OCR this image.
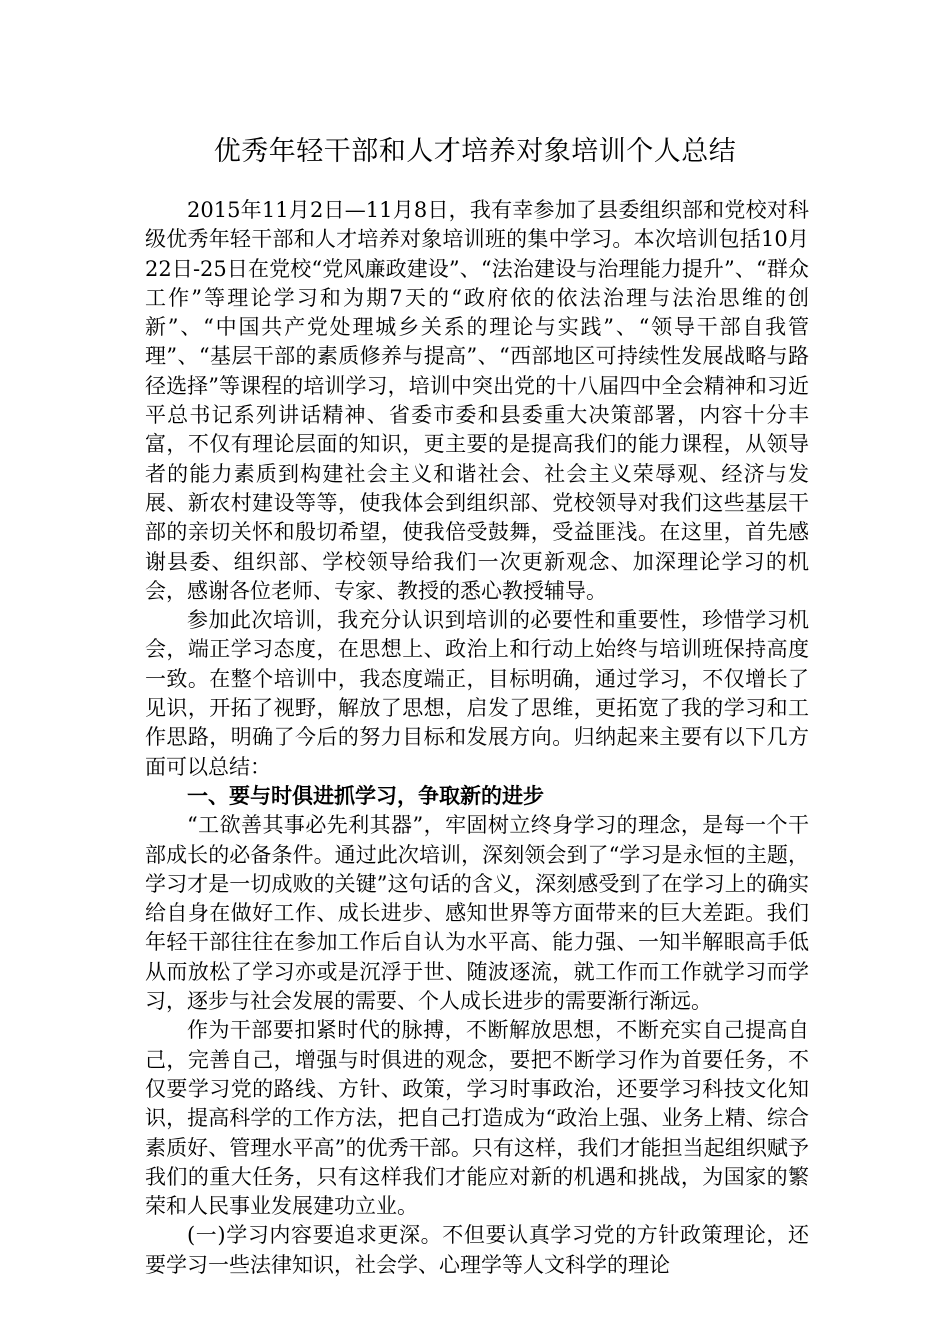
优秀年轻干部和人才培养对象培训个人总结

2015年11月2日—11月8日，我有幸参加了县委组织部和党校对科级优秀年轻干部和人才培养对象培训班的集中学习。本次培训包括10月22日-25日在党校“党风廉政建设”、“法治建设与治理能力提升”、“群众工作”等理论学习和为期7天的“政府依的依法治理与法治思维的创新”、“中国共产党处理城乡关系的理论与实践”、“领导干部自我管理”、“基层干部的素质修养与提高”、“西部地区可持续性发展战略与路径选择”等课程的培训学习，培训中突出党的十八届四中全会精神和习近平总书记系列讲话精神、省委市委和县委重大决策部署，内容十分丰富，不仅有理论层面的知识，更主要的是提高我们的能力课程，从领导者的能力素质到构建社会主义和谐社会、社会主义荣辱观、经济与发展、新农村建设等等，使我体会到组织部、党校领导对我们这些基层干部的亲切关怀和殷切希望，使我倍受鼓舞，受益匪浅。在这里，首先感谢县委、组织部、学校领导给我们一次更新观念、加深理论学习的机会，感谢各位老师、专家、教授的悉心教授辅导。

参加此次培训，我充分认识到培训的必要性和重要性，珍惜学习机会，端正学习态度，在思想上、政治上和行动上始终与培训班保持高度一致。在整个培训中，我态度端正，目标明确，通过学习，不仅增长了见识，开拓了视野，解放了思想，启发了思维，更拓宽了我的学习和工作思路，明确了今后的努力目标和发展方向。归纳起来主要有以下几方面可以总结：

一、要与时俱进抓学习，争取新的进步

“工欲善其事必先利其器”，牢固树立终身学习的理念，是每一个干部成长的必备条件。通过此次培训，深刻领会到了“学习是永恒的主题，学习才是一切成败的关键”这句话的含义，深刻感受到了在学习上的确实给自身在做好工作、成长进步、感知世界等方面带来的巨大差距。我们年轻干部往往在参加工作后自认为水平高、能力强、一知半解眼高手低从而放松了学习亦或是沉浮于世、随波逐流，就工作而工作就学习而学习，逐步与社会发展的需要、个人成长进步的需要渐行渐远。

作为干部要扣紧时代的脉搏，不断解放思想，不断充实自己提高自己，完善自己，增强与时俱进的观念，要把不断学习作为首要任务，不仅要学习党的路线、方针、政策，学习时事政治，还要学习科技文化知识，提高科学的工作方法，把自己打造成为“政治上强、业务上精、综合素质好、管理水平高”的优秀干部。只有这样，我们才能担当起组织赋予我们的重大任务，只有这样我们才能应对新的机遇和挑战，为国家的繁荣和人民事业发展建功立业。

(一)学习内容要追求更深。不但要认真学习党的方针政策理论，还要学习一些法律知识，社会学、心理学等人文科学的理论
